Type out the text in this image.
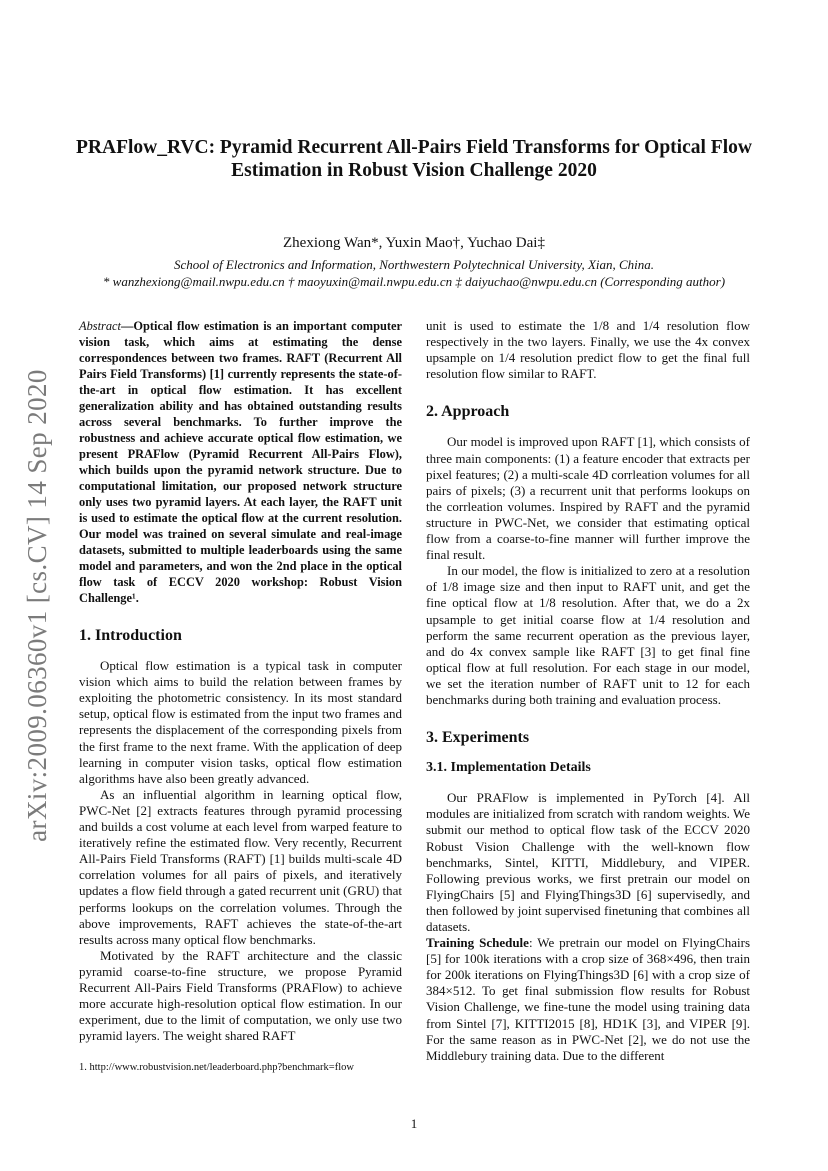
arXiv:2009.06360v1 [cs.CV] 14 Sep 2020
PRAFlow_RVC: Pyramid Recurrent All-Pairs Field Transforms for Optical Flow Estimation in Robust Vision Challenge 2020
Zhexiong Wan*, Yuxin Mao†, Yuchao Dai‡
School of Electronics and Information, Northwestern Polytechnical University, Xian, China.
* wanzhexiong@mail.nwpu.edu.cn † maoyuxin@mail.nwpu.edu.cn ‡ daiyuchao@nwpu.edu.cn (Corresponding author)
Abstract—Optical flow estimation is an important computer vision task, which aims at estimating the dense correspondences between two frames. RAFT (Recurrent All Pairs Field Transforms) [1] currently represents the state-of-the-art in optical flow estimation. It has excellent generalization ability and has obtained outstanding results across several benchmarks. To further improve the robustness and achieve accurate optical flow estimation, we present PRAFlow (Pyramid Recurrent All-Pairs Flow), which builds upon the pyramid network structure. Due to computational limitation, our proposed network structure only uses two pyramid layers. At each layer, the RAFT unit is used to estimate the optical flow at the current resolution. Our model was trained on several simulate and real-image datasets, submitted to multiple leaderboards using the same model and parameters, and won the 2nd place in the optical flow task of ECCV 2020 workshop: Robust Vision Challenge¹.
1. Introduction

Optical flow estimation is a typical task in computer vision which aims to build the relation between frames by exploiting the photometric consistency. In its most standard setup, optical flow is estimated from the input two frames and represents the displacement of the corresponding pixels from the first frame to the next frame. With the application of deep learning in computer vision tasks, optical flow estimation algorithms have also been greatly advanced.

As an influential algorithm in learning optical flow, PWC-Net [2] extracts features through pyramid processing and builds a cost volume at each level from warped feature to iteratively refine the estimated flow. Very recently, Recurrent All-Pairs Field Transforms (RAFT) [1] builds multi-scale 4D correlation volumes for all pairs of pixels, and iteratively updates a flow field through a gated recurrent unit (GRU) that performs lookups on the correlation volumes. Through the above improvements, RAFT achieves the state-of-the-art results across many optical flow benchmarks.

Motivated by the RAFT architecture and the classic pyramid coarse-to-fine structure, we propose Pyramid Recurrent All-Pairs Field Transforms (PRAFlow) to achieve more accurate high-resolution optical flow estimation. In our experiment, due to the limit of computation, we only use two pyramid layers. The weight shared RAFT

unit is used to estimate the 1/8 and 1/4 resolution flow respectively in the two layers. Finally, we use the 4x convex upsample on 1/4 resolution predict flow to get the final full resolution flow similar to RAFT.

2. Approach

Our model is improved upon RAFT [1], which consists of three main components: (1) a feature encoder that extracts per pixel features; (2) a multi-scale 4D corrleation volumes for all pairs of pixels; (3) a recurrent unit that performs lookups on the corrleation volumes. Inspired by RAFT and the pyramid structure in PWC-Net, we consider that estimating optical flow from a coarse-to-fine manner will further improve the final result.

In our model, the flow is initialized to zero at a resolution of 1/8 image size and then input to RAFT unit, and get the fine optical flow at 1/8 resolution. After that, we do a 2x upsample to get initial coarse flow at 1/4 resolution and perform the same recurrent operation as the previous layer, and do 4x convex sample like RAFT [3] to get final fine optical flow at full resolution. For each stage in our model, we set the iteration number of RAFT unit to 12 for each benchmarks during both training and evaluation process.

3. Experiments
3.1. Implementation Details

Our PRAFlow is implemented in PyTorch [4]. All modules are initialized from scratch with random weights. We submit our method to optical flow task of the ECCV 2020 Robust Vision Challenge with the well-known flow benchmarks, Sintel, KITTI, Middlebury, and VIPER. Following previous works, we first pretrain our model on FlyingChairs [5] and FlyingThings3D [6] supervisedly, and then followed by joint supervised finetuning that combines all datasets.

Training Schedule: We pretrain our model on FlyingChairs [5] for 100k iterations with a crop size of 368×496, then train for 200k iterations on FlyingThings3D [6] with a crop size of 384×512. To get final submission flow results for Robust Vision Challenge, we fine-tune the model using training data from Sintel [7], KITTI2015 [8], HD1K [3], and VIPER [9]. For the same reason as in PWC-Net [2], we do not use the Middlebury training data. Due to the different

1. http://www.robustvision.net/leaderboard.php?benchmark=flow
1
